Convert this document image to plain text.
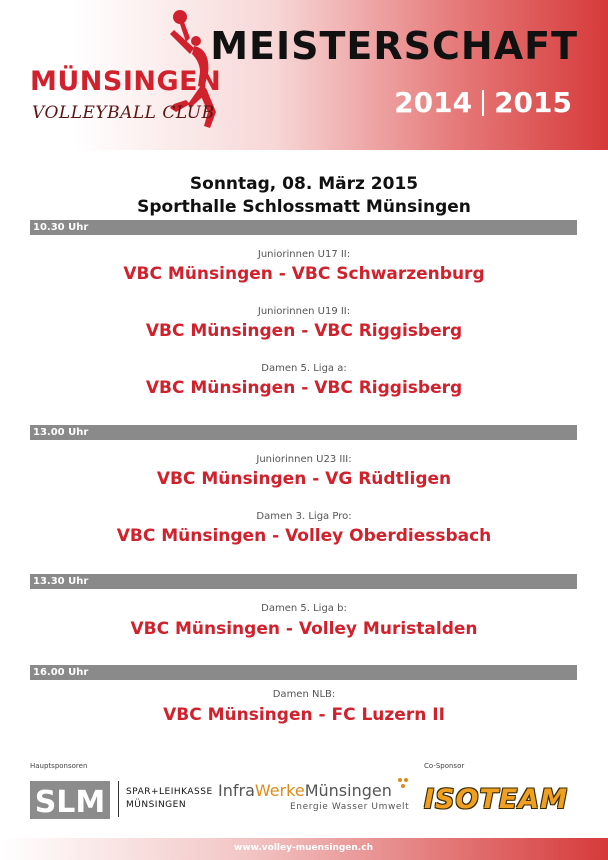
MÜNSINGEN
VOLLEYBALL CLUB
MEISTERSCHAFT
2014 2015
Sonntag, 08. März 2015
Sporthalle Schlossmatt Münsingen
10.30 Uhr
Juniorinnen U17 II:
VBC Münsingen - VBC Schwarzenburg
Juniorinnen U19 II:
VBC Münsingen - VBC Riggisberg
Damen 5. Liga a:
VBC Münsingen - VBC Riggisberg
13.00 Uhr
Juniorinnen U23 III:
VBC Münsingen - VG Rüdtligen
Damen 3. Liga Pro:
VBC Münsingen - Volley Oberdiessbach
13.30 Uhr
Damen 5. Liga b:
VBC Münsingen - Volley Muristalden
16.00 Uhr
Damen NLB:
VBC Münsingen - FC Luzern II
Hauptsponsoren	Co-Sponsor
SLM SPAR+LEIHKASSE
MÜNSINGEN
InfraWerkeMünsingen
Energie Wasser Umwelt ISOTEAM
www.volley-muensingen.ch
